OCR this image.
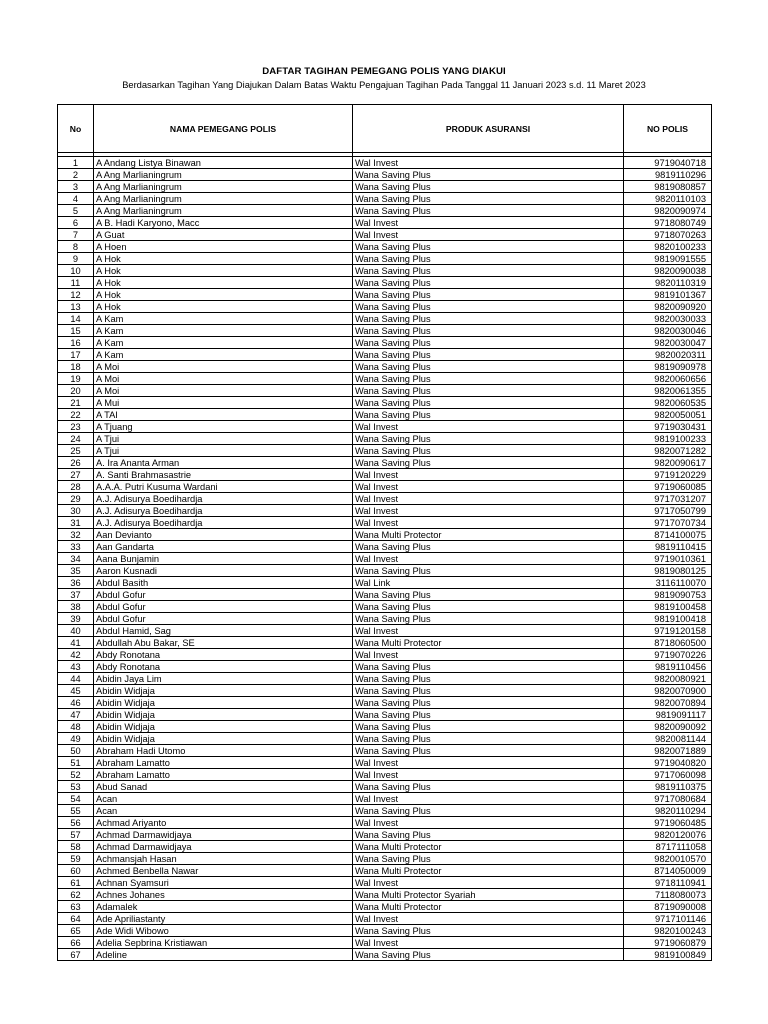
DAFTAR TAGIHAN PEMEGANG POLIS YANG DIAKUI
Berdasarkan Tagihan Yang Diajukan Dalam Batas Waktu Pengajuan Tagihan Pada Tanggal 11 Januari 2023 s.d. 11 Maret 2023
No	NAMA PEMEGANG POLIS	PRODUK ASURANSI	NO POLIS

1	A Andang Listya Binawan	Wal Invest	9719040718
2	A Ang Marlianingrum	Wana Saving Plus	9819110296
3	A Ang Marlianingrum	Wana Saving Plus	9819080857
4	A Ang Marlianingrum	Wana Saving Plus	9820110103
5	A Ang Marlianingrum	Wana Saving Plus	9820090974
6	A B. Hadi Karyono, Macc	Wal Invest	9718080749
7	A Guat	Wal Invest	9718070263
8	A Hoen	Wana Saving Plus	9820100233
9	A Hok	Wana Saving Plus	9819091555
10	A Hok	Wana Saving Plus	9820090038
11	A Hok	Wana Saving Plus	9820110319
12	A Hok	Wana Saving Plus	9819101367
13	A Hok	Wana Saving Plus	9820090920
14	A Kam	Wana Saving Plus	9820030033
15	A Kam	Wana Saving Plus	9820030046
16	A Kam	Wana Saving Plus	9820030047
17	A Kam	Wana Saving Plus	9820020311
18	A Moi	Wana Saving Plus	9819090978
19	A Moi	Wana Saving Plus	9820060656
20	A Moi	Wana Saving Plus	9820061355
21	A Mui	Wana Saving Plus	9820060535
22	A TAI	Wana Saving Plus	9820050051
23	A Tjuang	Wal Invest	9719030431
24	A Tjui	Wana Saving Plus	9819100233
25	A Tjui	Wana Saving Plus	9820071282
26	A. Ira Ananta Arman	Wana Saving Plus	9820090617
27	A. Santi Brahmasastrie	Wal Invest	9719120229
28	A.A.A. Putri Kusuma Wardani	Wal Invest	9719060085
29	A.J. Adisurya Boedihardja	Wal Invest	9717031207
30	A.J. Adisurya Boedihardja	Wal Invest	9717050799
31	A.J. Adisurya Boedihardja	Wal Invest	9717070734
32	Aan Devianto	Wana Multi Protector	8714100075
33	Aan Gandarta	Wana Saving Plus	9819110415
34	Aana Bunjamin	Wal Invest	9719010361
35	Aaron Kusnadi	Wana Saving Plus	9819080125
36	Abdul Basith	Wal Link	3116110070
37	Abdul Gofur	Wana Saving Plus	9819090753
38	Abdul Gofur	Wana Saving Plus	9819100458
39	Abdul Gofur	Wana Saving Plus	9819100418
40	Abdul Hamid, Sag	Wal Invest	9719120158
41	Abdullah Abu Bakar, SE	Wana Multi Protector	8718060500
42	Abdy Ronotana	Wal Invest	9719070226
43	Abdy Ronotana	Wana Saving Plus	9819110456
44	Abidin Jaya Lim	Wana Saving Plus	9820080921
45	Abidin Widjaja	Wana Saving Plus	9820070900
46	Abidin Widjaja	Wana Saving Plus	9820070894
47	Abidin Widjaja	Wana Saving Plus	9819091117
48	Abidin Widjaja	Wana Saving Plus	9820090092
49	Abidin Widjaja	Wana Saving Plus	9820081144
50	Abraham Hadi Utomo	Wana Saving Plus	9820071889
51	Abraham Lamatto	Wal Invest	9719040820
52	Abraham Lamatto	Wal Invest	9717060098
53	Abud Sanad	Wana Saving Plus	9819110375
54	Acan	Wal Invest	9717080684
55	Acan	Wana Saving Plus	9820110294
56	Achmad Ariyanto	Wal Invest	9719060485
57	Achmad Darmawidjaya	Wana Saving Plus	9820120076
58	Achmad Darmawidjaya	Wana Multi Protector	8717111058
59	Achmansjah Hasan	Wana Saving Plus	9820010570
60	Achmed Benbella Nawar	Wana Multi Protector	8714050009
61	Achnan Syamsuri	Wal Invest	9718110941
62	Achnes Johanes	Wana Multi Protector Syariah	7118080073
63	Adamalek	Wana Multi Protector	8719090008
64	Ade Apriliastanty	Wal Invest	9717101146
65	Ade Widi Wibowo	Wana Saving Plus	9820100243
66	Adelia Sepbrina Kristiawan	Wal Invest	9719060879
67	Adeline	Wana Saving Plus	9819100849
